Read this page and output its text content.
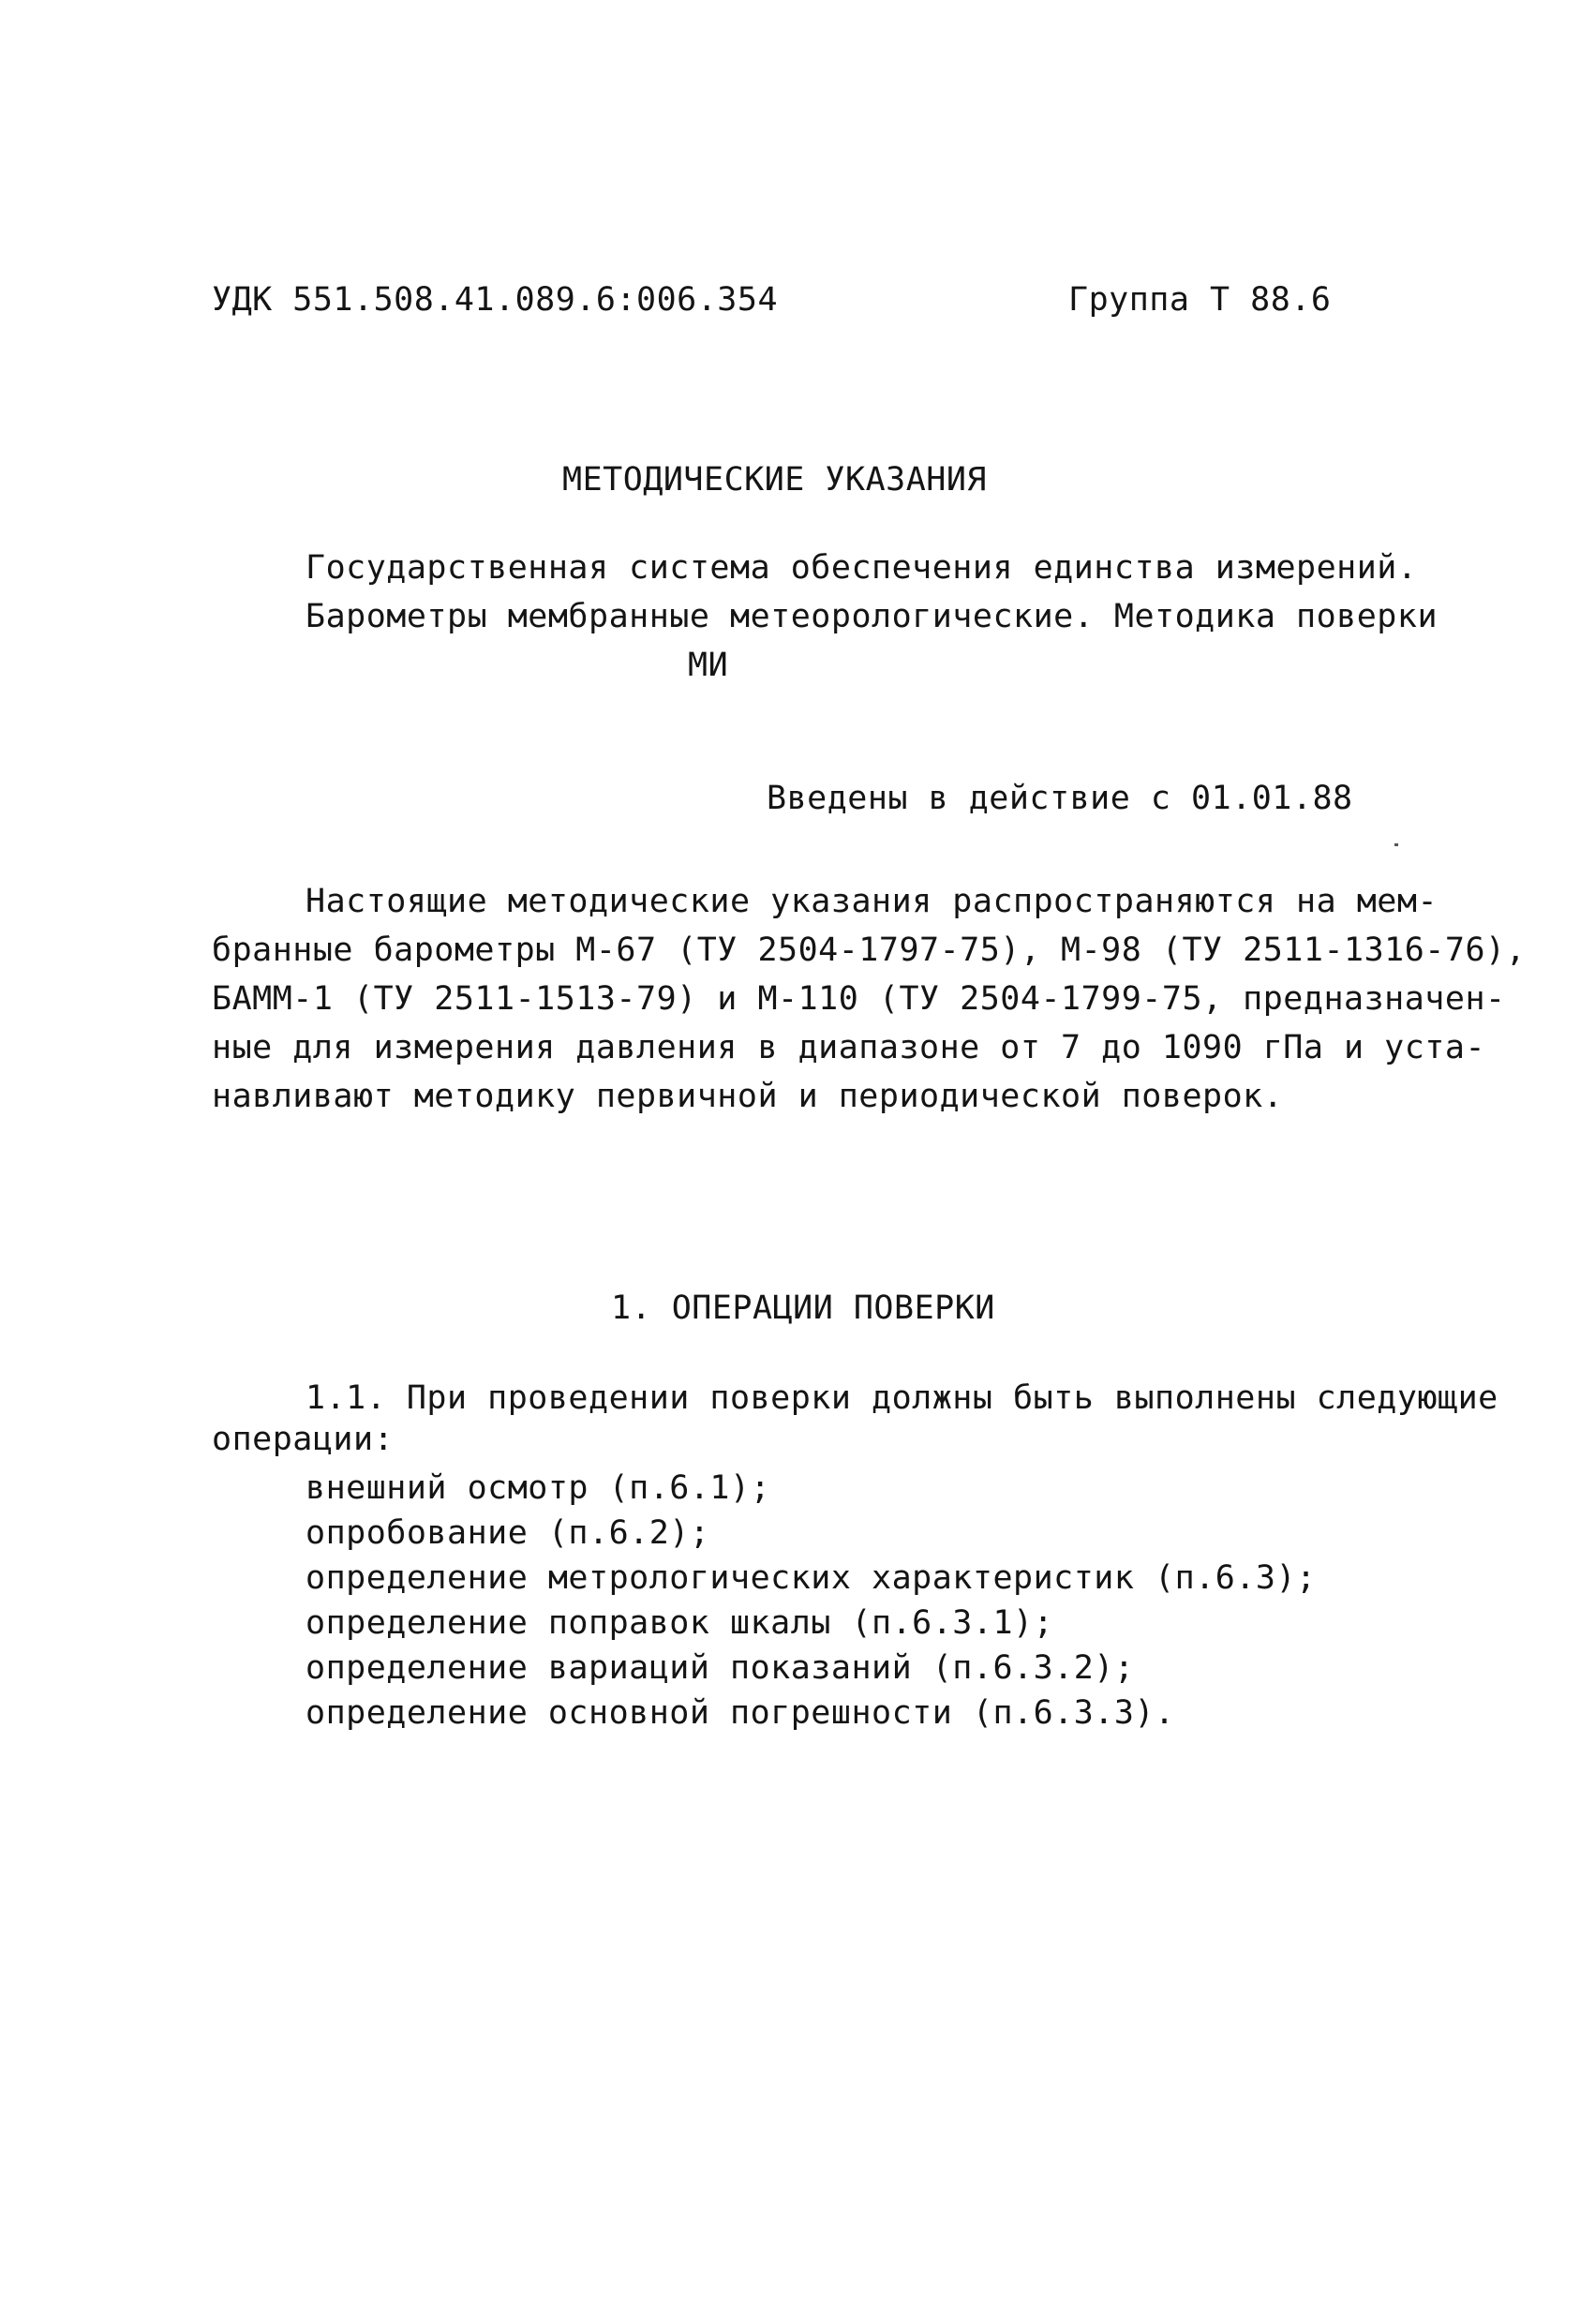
УДК 551.508.41.089.6:006.354	Группа Т 88.6
МЕТОДИЧЕСКИЕ УКАЗАНИЯ
Государственная система обеспечения единства измерений.
Барометры мембранные метеорологические. Методика поверки
МИ
Введены в действие с 01.01.88
Настоящие методические указания распространяются на мем-
бранные барометры М-67 (ТУ 2504-1797-75), М-98 (ТУ 2511-1316-76),
БАММ-1 (ТУ 2511-1513-79) и М-110 (ТУ 2504-1799-75, предназначен-
ные для измерения давления в диапазоне от 7 до 1090 гПа и уста-
навливают методику первичной и периодической поверок.
1. ОПЕРАЦИИ ПОВЕРКИ
1.1. При проведении поверки должны быть выполнены следующие
операции:
внешний осмотр (п.6.1);
опробование (п.6.2);
определение метрологических характеристик (п.6.3);
определение поправок шкалы (п.6.3.1);
определение вариаций показаний (п.6.3.2);
определение основной погрешности (п.6.3.3).
